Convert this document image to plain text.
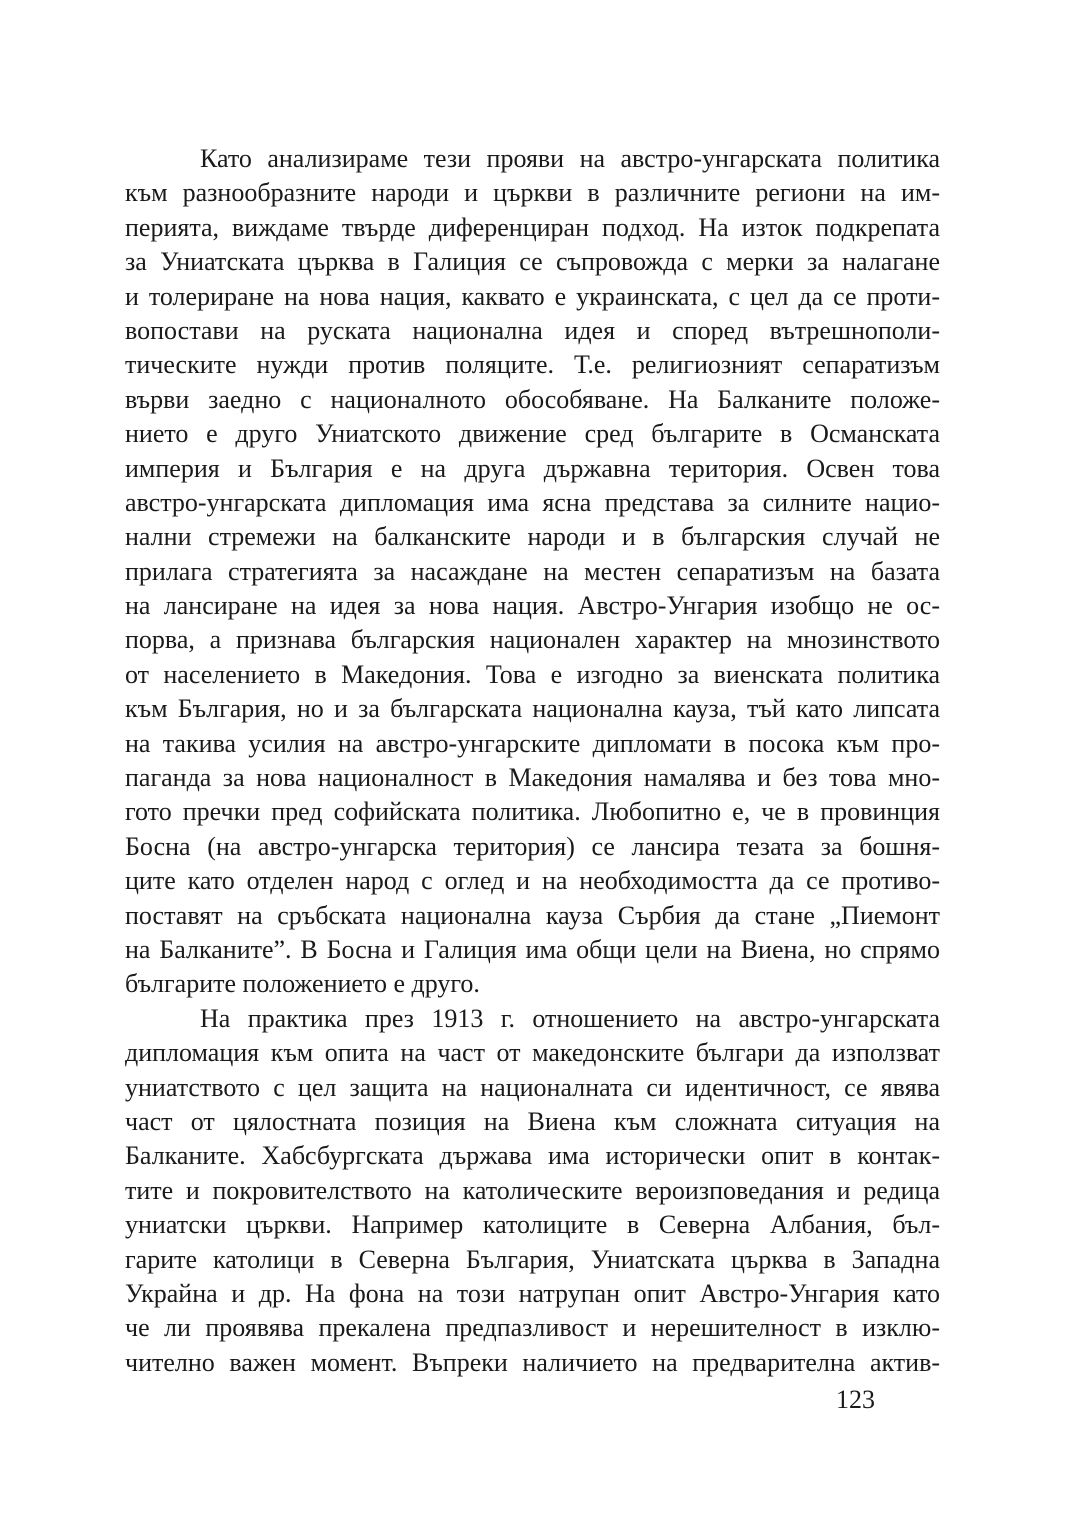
Като анализираме тези прояви на австро-унгарската политика
към разнообразните народи и църкви в различните региони на им-
перията, виждаме твърде диференциран подход. На изток подкрепата
за Униатската църква в Галиция се съпровожда с мерки за налагане
и толериране на нова нация, каквато е украинската, с цел да се проти-
вопостави на руската национална идея и според вътрешнополи-
тическите нужди против поляците. Т.е. религиозният сепаратизъм
върви заедно с националното обособяване. На Балканите положе-
нието е друго Униатското движение сред българите в Османската
империя и България е на друга държавна територия. Освен това
австро-унгарската дипломация има ясна представа за силните нацио-
нални стремежи на балканските народи и в българския случай не
прилага стратегията за насаждане на местен сепаратизъм на базата
на лансиране на идея за нова нация. Австро-Унгария изобщо не ос-
порва, а признава българския национален характер на мнозинството
от населението в Македония. Това е изгодно за виенската политика
към България, но и за българската национална кауза, тъй като липсата
на такива усилия на австро-унгарските дипломати в посока към про-
паганда за нова националност в Македония намалява и без това мно-
гото пречки пред софийската политика. Любопитно е, че в провинция
Босна (на австро-унгарска територия) се лансира тезата за бошня-
ците като отделен народ с оглед и на необходимостта да се противо-
поставят на сръбската национална кауза Сърбия да стане „Пиемонт
на Балканите”. В Босна и Галиция има общи цели на Виена, но спрямо
българите положението е друго.
На практика през 1913 г. отношението на австро-унгарската
дипломация към опита на част от македонските българи да използват
униатството с цел защита на националната си идентичност, се явява
част от цялостната позиция на Виена към сложната ситуация на
Балканите. Хабсбургската държава има исторически опит в контак-
тите и покровителството на католическите вероизповедания и редица
униатски църкви. Например католиците в Северна Албания, бъл-
гарите католици в Северна България, Униатската църква в Западна
Украйна и др. На фона на този натрупан опит Австро-Унгария като
че ли проявява прекалена предпазливост и нерешителност в изклю-
чително важен момент. Въпреки наличието на предварителна актив-
123
